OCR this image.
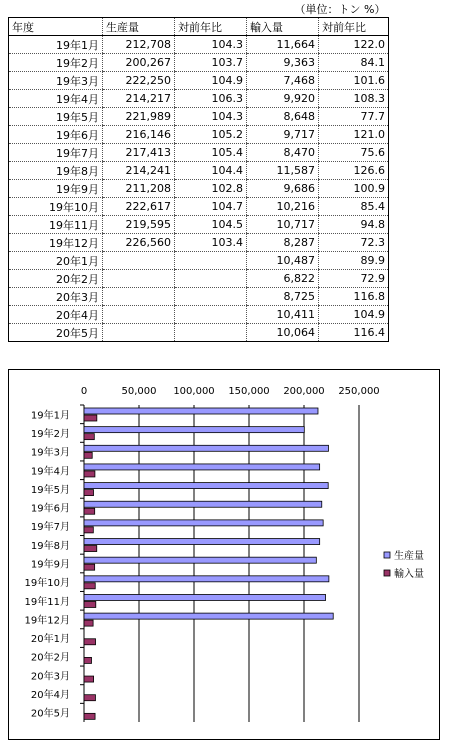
（単位：トン %）				
年度	生産量	対前年比	輸入量	対前年比
19年1月	212,708	104.3	11,664	122.0
19年2月	200,267	103.7	9,363	84.1
19年3月	222,250	104.9	7,468	101.6
19年4月	214,217	106.3	9,920	108.3
19年5月	221,989	104.3	8,648	77.7
19年6月	216,146	105.2	9,717	121.0
19年7月	217,413	105.4	8,470	75.6
19年8月	214,241	104.4	11,587	126.6
19年9月	211,208	102.8	9,686	100.9
19年10月	222,617	104.7	10,216	85.4
19年11月	219,595	104.5	10,717	94.8
19年12月	226,560	103.4	8,287	72.3
20年1月			10,487	89.9
20年2月			6,822	72.9
20年3月			8,725	116.8
20年4月			10,411	104.9
20年5月			10,064	116.4
0	50,000 100,000 150,000 200,000 250,000
19年1月
19年2月
19年3月
19年4月
19年5月
19年6月
19年7月
19年8月
19年9月
19年10月
19年11月
19年12月
20年1月
20年2月
20年3月
20年4月
20年5月
生産量
輸入量
